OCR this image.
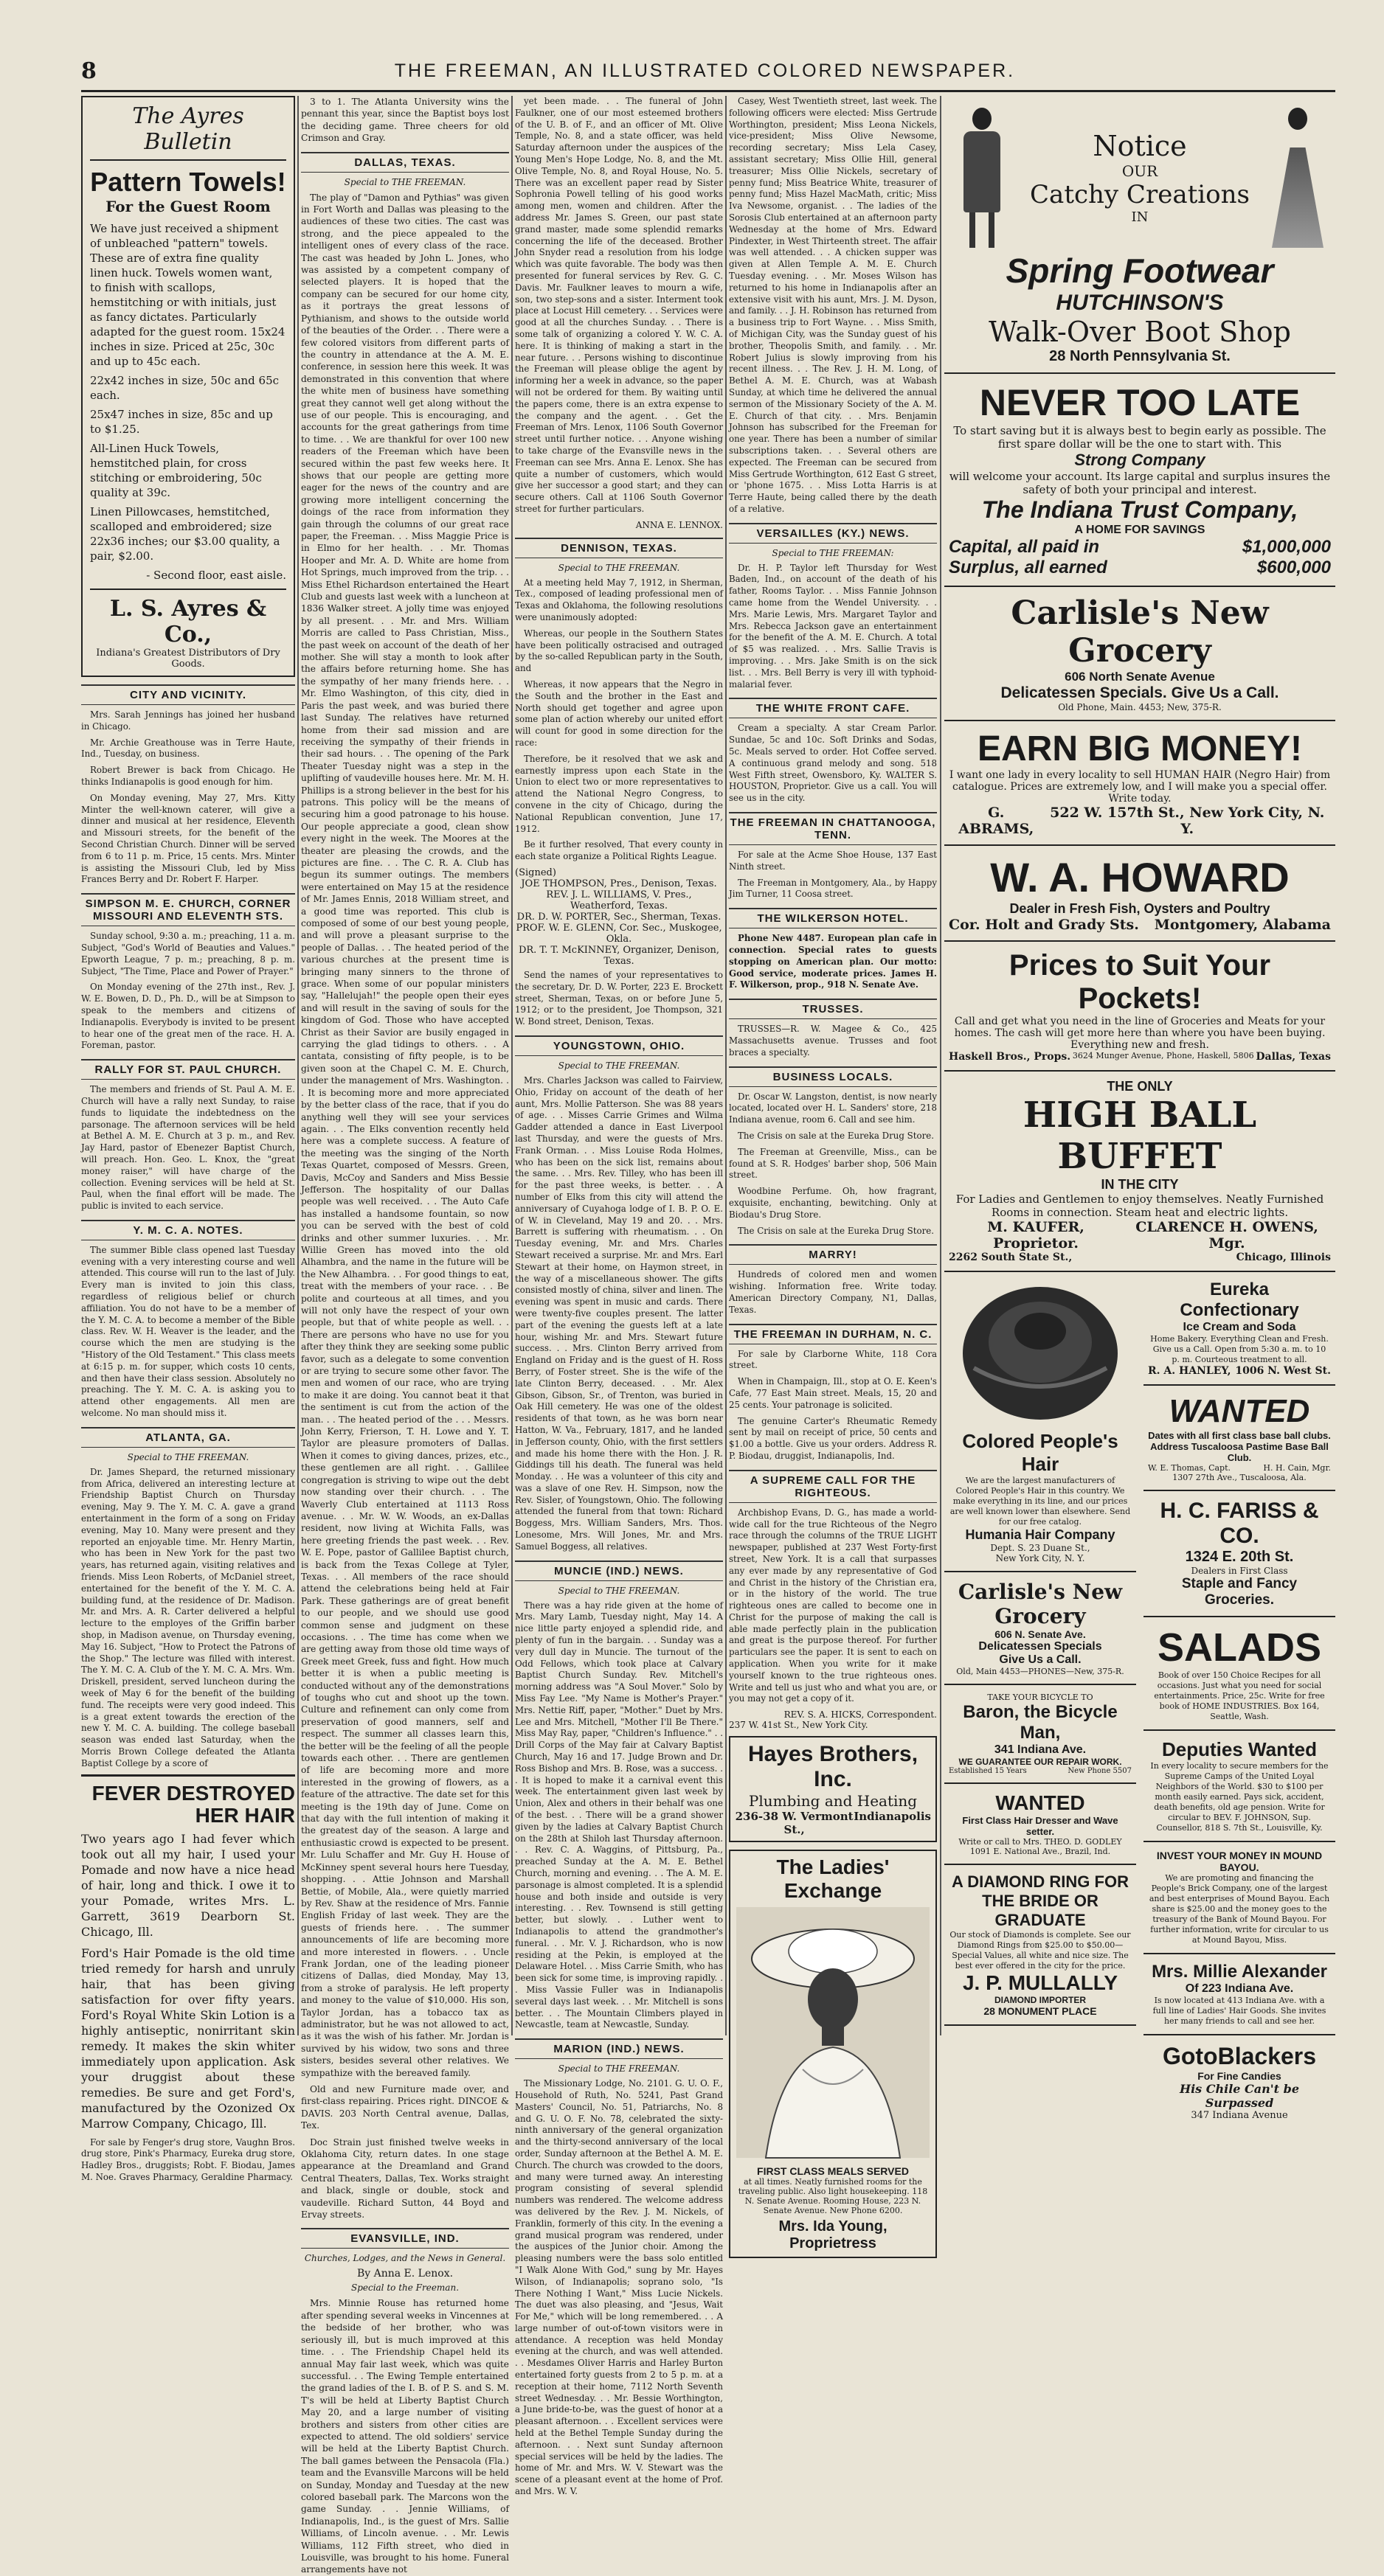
8	THE FREEMAN, AN ILLUSTRATED COLORED NEWSPAPER.
The Ayres Bulletin
Pattern Towels!
For the Guest Room

We have just received a shipment of unbleached "pattern" towels. These are of extra fine quality linen huck. Towels women want, to finish with scallops, hemstitching or with initials, just as fancy dictates. Particularly adapted for the guest room. 15x24 inches in size. Priced at 25c, 30c and up to 45c each.

22x42 inches in size, 50c and 65c each.

25x47 inches in size, 85c and up to $1.25.

All-Linen Huck Towels, hemstitched plain, for cross stitching or embroidering, 50c quality at 39c.

Linen Pillowcases, hemstitched, scalloped and embroidered; size 22x36 inches; our $3.00 quality, a pair, $2.00.

- Second floor, east aisle.

L. S. Ayres & Co.,
Indiana's Greatest Distributors of Dry Goods.
CITY AND VICINITY.

Mrs. Sarah Jennings has joined her husband in Chicago.

Mr. Archie Greathouse was in Terre Haute, Ind., Tuesday, on business.

Robert Brewer is back from Chicago. He thinks Indianapolis is good enough for him.

On Monday evening, May 27, Mrs. Kitty Minter the well-known caterer, will give a dinner and musical at her residence, Eleventh and Missouri streets, for the benefit of the Second Christian Church. Dinner will be served from 6 to 11 p. m. Price, 15 cents. Mrs. Minter is assisting the Missouri Club, led by Miss Frances Berry and Dr. Robert F. Harper.

SIMPSON M. E. CHURCH, CORNER MISSOURI AND ELEVENTH STS.

Sunday school, 9:30 a. m.; preaching, 11 a. m. Subject, "God's World of Beauties and Values." Epworth League, 7 p. m.; preaching, 8 p. m. Subject, "The Time, Place and Power of Prayer."

On Monday evening of the 27th inst., Rev. J. W. E. Bowen, D. D., Ph. D., will be at Simpson to speak to the members and citizens of Indianapolis. Everybody is invited to be present to hear one of the great men of the race. H. A. Foreman, pastor.

RALLY FOR ST. PAUL CHURCH.

The members and friends of St. Paul A. M. E. Church will have a rally next Sunday, to raise funds to liquidate the indebtedness on the parsonage. The afternoon services will be held at Bethel A. M. E. Church at 3 p. m., and Rev. Jay Hard, pastor of Ebenezer Baptist Church, will preach. Hon. Geo. L. Knox, the "great money raiser," will have charge of the collection. Evening services will be held at St. Paul, when the final effort will be made. The public is invited to each service.

Y. M. C. A. NOTES.

The summer Bible class opened last Tuesday evening with a very interesting course and well attended. This course will run to the last of July. Every man is invited to join this class, regardless of religious belief or church affiliation. You do not have to be a member of the Y. M. C. A. to become a member of the Bible class. Rev. W. H. Weaver is the leader, and the course which the men are studying is the "History of the Old Testament." This class meets at 6:15 p. m. for supper, which costs 10 cents, and then have their class session. Absolutely no preaching. The Y. M. C. A. is asking you to attend other engagements. All men are welcome. No man should miss it.

ATLANTA, GA.
Special to THE FREEMAN.

Dr. James Shepard, the returned missionary from Africa, delivered an interesting lecture at Friendship Baptist Church on Thursday evening, May 9. The Y. M. C. A. gave a grand entertainment in the form of a song on Friday evening, May 10. Many were present and they reported an enjoyable time. Mr. Henry Martin, who has been in New York for the past two years, has returned again, visiting relatives and friends. Miss Leon Roberts, of McDaniel street, entertained for the benefit of the Y. M. C. A. building fund, at the residence of Dr. Madison. Mr. and Mrs. A. R. Carter delivered a helpful lecture to the employes of the Griffin barber shop, in Madison avenue, on Thursday evening, May 16. Subject, "How to Protect the Patrons of the Shop." The lecture was filled with interest. The Y. M. C. A. Club of the Y. M. C. A. Mrs. Wm. Driskell, president, served luncheon during the week of May 6 for the benefit of the building fund. The receipts were very good indeed. This is a great extent towards the erection of the new Y. M. C. A. building. The college baseball season was ended last Saturday, when the Morris Brown College defeated the Atlanta Baptist College by a score of

FEVER DESTROYED HER HAIR

Two years ago I had fever which took out all my hair, I used your Pomade and now have a nice head of hair, long and thick. I owe it to your Pomade, writes Mrs. L. Garrett, 3619 Dearborn St. Chicago, Ill.

Ford's Hair Pomade is the old time tried remedy for harsh and unruly hair, that has been giving satisfaction for over fifty years. Ford's Royal White Skin Lotion is a highly antiseptic, nonirritant skin remedy. It makes the skin whiter immediately upon application. Ask your druggist about these remedies. Be sure and get Ford's, manufactured by the Ozonized Ox Marrow Company, Chicago, Ill.

For sale by Fenger's drug store, Vaughn Bros. drug store, Pink's Pharmacy, Eureka drug store, Hadley Bros., druggists; Robt. F. Biodau, James M. Noe. Graves Pharmacy, Geraldine Pharmacy.

3 to 1. The Atlanta University wins the pennant this year, since the Baptist boys lost the deciding game. Three cheers for old Crimson and Gray.

DALLAS, TEXAS.
Special to THE FREEMAN.

The play of "Damon and Pythias" was given in Fort Worth and Dallas was pleasing to the audiences of these two cities. The cast was strong, and the piece appealed to the intelligent ones of every class of the race. The cast was headed by John L. Jones, who was assisted by a competent company of selected players. It is hoped that the company can be secured for our home city, as it portrays the great lessons of Pythianism, and shows to the outside world of the beauties of the Order. . . There were a few colored visitors from different parts of the country in attendance at the A. M. E. conference, in session here this week. It was demonstrated in this convention that where the white men of business have something great they cannot well get along without the use of our people. This is encouraging, and accounts for the great gatherings from time to time. . . We are thankful for over 100 new readers of the Freeman which have been secured within the past few weeks here. It shows that our people are getting more eager for the news of the country and are growing more intelligent concerning the doings of the race from information they gain through the columns of our great race paper, the Freeman. . . Miss Maggie Price is in Elmo for her health. . . Mr. Thomas Hooper and Mr. A. D. White are home from Hot Springs, much improved from the trip. . . Miss Ethel Richardson entertained the Heart Club and guests last week with a luncheon at 1836 Walker street. A jolly time was enjoyed by all present. . . Mr. and Mrs. William Morris are called to Pass Christian, Miss., the past week on account of the death of her mother. She will stay a month to look after the affairs before returning home. She has the sympathy of her many friends here. . . Mr. Elmo Washington, of this city, died in Paris the past week, and was buried there last Sunday. The relatives have returned home from their sad mission and are receiving the sympathy of their friends in their sad hours. . . The opening of the Park Theater Tuesday night was a step in the uplifting of vaudeville houses here. Mr. M. H. Phillips is a strong believer in the best for his patrons. This policy will be the means of securing him a good patronage to his house. Our people appreciate a good, clean show every night in the week. The Moores at the theater are pleasing the crowds, and the pictures are fine. . . The C. R. A. Club has begun its summer outings. The members were entertained on May 15 at the residence of Mr. James Ennis, 2018 William street, and a good time was reported. This club is composed of some of our best young people, and will prove a pleasant surprise to the people of Dallas. . . The heated period of the various churches at the present time is bringing many sinners to the throne of grace. When some of our popular ministers say, "Hallelujah!" the people open their eyes and will result in the saving of souls for the kingdom of God. Those who have accepted Christ as their Savior are busily engaged in carrying the glad tidings to others. . . A cantata, consisting of fifty people, is to be given soon at the Chapel C. M. E. Church, under the management of Mrs. Washington. . . It is becoming more and more appreciated by the better class of the race, that if you do anything well they will see your services again. . . The Elks convention recently held here was a complete success. A feature of the meeting was the singing of the North Texas Quartet, composed of Messrs. Green, Davis, McCoy and Sanders and Miss Bessie Jefferson. The hospitality of our Dallas people was well received. . . The Auto Cafe has installed a handsome fountain, so now you can be served with the best of cold drinks and other summer luxuries. . . Mr. Willie Green has moved into the old Alhambra, and the name in the future will be the New Alhambra. . . For good things to eat, treat with the members of your race. . . Be polite and courteous at all times, and you will not only have the respect of your own people, but that of white people as well. . . There are persons who have no use for you after they think they are seeking some public favor, such as a delegate to some convention or are trying to secure some other favor. The men and women of our race, who are trying to make it are doing. You cannot beat it that the sentiment is cut from the action of the man. . . The heated period of the . . . Messrs. John Kerry, Frierson, T. H. Lowe and Y. T. Taylor are pleasure promoters of Dallas. When it comes to giving dances, prizes, etc., these gentlemen are all right. . . Gallilee congregation is striving to wipe out the debt now standing over their church. . . The Waverly Club entertained at 1113 Ross avenue. . . Mr. W. W. Woods, an ex-Dallas resident, now living at Wichita Falls, was here greeting friends the past week. . . Rev. W. E. Pope, pastor of Gallilee Baptist church, is back from the Texas College at Tyler, Texas. . . All members of the race should attend the celebrations being held at Fair Park. These gatherings are of great benefit to our people, and we should use good common sense and judgment on these occasions. . . The time has come when we are getting away from those old time ways of Greek meet Greek, fuss and fight. How much better it is when a public meeting is conducted without any of the demonstrations of toughs who cut and shoot up the town. Culture and refinement can only come from preservation of good manners, self and respect. The summer all classes learn this, the better will be the feeling of all the people towards each other. . . There are gentlemen of life are becoming more and more interested in the growing of flowers, as a feature of the attractive. The date set for this meeting is the 19th day of June. Come on that day with the full intention of making it the greatest day of the season. A large and enthusiastic crowd is expected to be present. Mr. Lulu Schaffer and Mr. Guy H. House of McKinney spent several hours here Tuesday, shopping. . . Attie Johnson and Marshall Bettie, of Mobile, Ala., were quietly married by Rev. Shaw at the residence of Mrs. Fannie English Friday of last week. They are the guests of friends here. . . The summer announcements of life are becoming more and more interested in flowers. . . Uncle Frank Jordan, one of the leading pioneer citizens of Dallas, died Monday, May 13, from a stroke of paralysis. He left property and money to the value of $10,000. His son, Taylor Jordan, has a tobacco tax as administrator, but he was not allowed to act, as it was the wish of his father. Mr. Jordan is survived by his widow, two sons and three sisters, besides several other relatives. We sympathize with the bereaved family.

Old and new Furniture made over, and first-class repairing. Prices right. DINCOE & DAVIS. 203 North Central avenue, Dallas, Tex.

Doc Strain just finished twelve weeks in Oklahoma City, return dates. In one stage appearance at the Dreamland and Grand Central Theaters, Dallas, Tex. Works straight and black, single or double, stock and vaudeville. Richard Sutton, 44 Boyd and Ervay streets.

EVANSVILLE, IND.
Churches, Lodges, and the News in General.
By Anna E. Lenox.
Special to the Freeman.

Mrs. Minnie Rouse has returned home after spending several weeks in Vincennes at the bedside of her brother, who was seriously ill, but is much improved at this time. . . The Friendship Chapel held its annual May fair last week, which was quite successful. . . The Ewing Temple entertained the grand ladies of the I. B. of P. S. and S. M. T's will be held at Liberty Baptist Church May 20, and a large number of visiting brothers and sisters from other cities are expected to attend. The old soldiers' service will be held at the Liberty Baptist Church. The ball games between the Pensacola (Fla.) team and the Evansville Marcons will be held on Sunday, Monday and Tuesday at the new colored baseball park. The Marcons won the game Sunday. . . Jennie Williams, of Indianapolis, Ind., is the guest of Mrs. Sallie Williams, of Lincoln avenue. . . Mr. Lewis Williams, 112 Fifth street, who died in Louisville, was brought to his home. Funeral arrangements have not

yet been made. . . The funeral of John Faulkner, one of our most esteemed brothers of the U. B. of F., and an officer of Mt. Olive Temple, No. 8, and a state officer, was held Saturday afternoon under the auspices of the Young Men's Hope Lodge, No. 8, and the Mt. Olive Temple, No. 8, and Royal House, No. 5. There was an excellent paper read by Sister Sophronia Powell telling of his good works among men, women and children. After the address Mr. James S. Green, our past state grand master, made some splendid remarks concerning the life of the deceased. Brother John Snyder read a resolution from his lodge which was quite favorable. The body was then presented for funeral services by Rev. G. C. Davis. Mr. Faulkner leaves to mourn a wife, son, two step-sons and a sister. Interment took place at Locust Hill cemetery. . . Services were good at all the churches Sunday. . . There is some talk of organizing a colored Y. W. C. A. here. It is thinking of making a start in the near future. . . Persons wishing to discontinue the Freeman will please oblige the agent by informing her a week in advance, so the paper will not be ordered for them. By waiting until the papers come, there is an extra expense to the company and the agent. . . Get the Freeman of Mrs. Lenox, 1106 South Governor street until further notice. . . Anyone wishing to take charge of the Evansville news in the Freeman can see Mrs. Anna E. Lenox. She has quite a number of customers, which would give her successor a good start; and they can secure others. Call at 1106 South Governor street for further particulars.

ANNA E. LENNOX.
DENNISON, TEXAS.
Special to THE FREEMAN.

At a meeting held May 7, 1912, in Sherman, Tex., composed of leading professional men of Texas and Oklahoma, the following resolutions were unanimously adopted:

Whereas, our people in the Southern States have been politically ostracised and outraged by the so-called Republican party in the South, and

Whereas, it now appears that the Negro in the South and the brother in the East and North should get together and agree upon some plan of action whereby our united effort will count for good in some direction for the race:

Therefore, be it resolved that we ask and earnestly impress upon each State in the Union to elect two or more representatives to attend the National Negro Congress, to convene in the city of Chicago, during the National Republican convention, June 17, 1912.

Be it further resolved, That every county in each state organize a Political Rights League.

(Signed)
JOE THOMPSON, Pres., Denison, Texas.
REV. J. L. WILLIAMS, V. Pres., Weatherford, Texas.
DR. D. W. PORTER, Sec., Sherman, Texas.
PROF. W. E. GLENN, Cor. Sec., Muskogee, Okla.
DR. T. T. McKINNEY, Organizer, Denison, Texas.

Send the names of your representatives to the secretary, Dr. D. W. Porter, 223 E. Brockett street, Sherman, Texas, on or before June 5, 1912; or to the president, Joe Thompson, 321 W. Bond street, Denison, Texas.

YOUNGSTOWN, OHIO.
Special to THE FREEMAN.

Mrs. Charles Jackson was called to Fairview, Ohio, Friday on account of the death of her aunt, Mrs. Mollie Patterson. She was 88 years of age. . . Misses Carrie Grimes and Wilma Gadder attended a dance in East Liverpool last Thursday, and were the guests of Mrs. Frank Orman. . . Miss Louise Roda Holmes, who has been on the sick list, remains about the same. . . Mrs. Rev. Tilley, who has been ill for the past three weeks, is better. . . A number of Elks from this city will attend the anniversary of Cuyahoga lodge of I. B. P. O. E. of W. in Cleveland, May 19 and 20. . . Mrs. Barrett is suffering with rheumatism. . . On Tuesday evening, Mr. and Mrs. Charles Stewart received a surprise. Mr. and Mrs. Earl Stewart at their home, on Haymon street, in the way of a miscellaneous shower. The gifts consisted mostly of china, silver and linen. The evening was spent in music and cards. There were twenty-five couples present. The latter part of the evening the guests left at a late hour, wishing Mr. and Mrs. Stewart future success. . . Mrs. Clinton Berry arrived from England on Friday and is the guest of H. Ross Berry, of Foster street. She is the wife of the late Clinton Berry, deceased. . . Mr. Alex Gibson, Gibson, Sr., of Trenton, was buried in Oak Hill cemetery. He was one of the oldest residents of that town, as he was born near Hatton, W. Va., February, 1817, and he landed in Jefferson county, Ohio, with the first settlers and made his home there with the Hon. J. R. Giddings till his death. The funeral was held Monday. . . He was a volunteer of this city and was a slave of one Rev. H. Simpson, now the Rev. Sisler, of Youngstown, Ohio. The following attended the funeral from that town: Richard Boggess, Mrs. William Sanders, Mrs. Thos. Lonesome, Mrs. Will Jones, Mr. and Mrs. Samuel Boggess, all relatives.

MUNCIE (IND.) NEWS.
Special to THE FREEMAN.

There was a hay ride given at the home of Mrs. Mary Lamb, Tuesday night, May 14. A nice little party enjoyed a splendid ride, and plenty of fun in the bargain. . . Sunday was a very dull day in Muncie. The turnout of the Odd Fellows, which took place at Calvary Baptist Church Sunday. Rev. Mitchell's morning address was "A Soul Mover." Solo by Miss Fay Lee. "My Name is Mother's Prayer." Mrs. Nettie Riff, paper, "Mother." Duet by Mrs. Lee and Mrs. Mitchell, "Mother I'll Be There." Miss May Ray, paper, "Children's Influence." . . Drill Corps of the May fair at Calvary Baptist Church, May 16 and 17. Judge Brown and Dr. Ross Bishop and Mrs. B. Rose, was a success. . . It is hoped to make it a carnival event this week. The entertainment given last week by Union, Alex and others in their behalf was one of the best. . . There will be a grand shower given by the ladies at Calvary Baptist Church on the 28th at Shiloh last Thursday afternoon. . . Rev. C. A. Waggins, of Pittsburg, Pa., preached Sunday at the A. M. E. Bethel Church, morning and evening. . . The A. M. E. parsonage is almost completed. It is a splendid house and both inside and outside is very interesting. . . Rev. Townsend is still getting better, but slowly. . . Luther went to Indianapolis to attend the grandmother's funeral. . . Mr. V. J. Richardson, who is now residing at the Pekin, is employed at the Delaware Hotel. . . Miss Carrie Smith, who has been sick for some time, is improving rapidly. . . Miss Vassie Fuller was in Indianapolis several days last week. . . Mr. Mitchell is sons better. . . The Mountain Climbers played in Newcastle, team at Newcastle, Sunday.

MARION (IND.) NEWS.
Special to THE FREEMAN.

The Missionary Lodge, No. 2101. G. U. O. F., Household of Ruth, No. 5241, Past Grand Masters' Council, No. 51, Patriarchs, No. 8 and G. U. O. F. No. 78, celebrated the sixty-ninth anniversary of the general organization and the thirty-second anniversary of the local order, Sunday afternoon at the Bethel A. M. E. Church. The church was crowded to the doors, and many were turned away. An interesting program consisting of several splendid numbers was rendered. The welcome address was delivered by the Rev. J. M. Nickels, of Franklin, formerly of this city. In the evening a grand musical program was rendered, under the auspices of the Junior choir. Among the pleasing numbers were the bass solo entitled "I Walk Alone With God," sung by Mr. Hayes Wilson, of Indianapolis; soprano solo, "Is There Nothing I Want," Miss Lucie Nickels. The duet was also pleasing, and "Jesus, Wait For Me," which will be long remembered. . . A large number of out-of-town visitors were in attendance. A reception was held Monday evening at the church, and was well attended. . . Mesdames Oliver Harris and Harley Burton entertained forty guests from 2 to 5 p. m. at a reception at their home, 7112 North Seventh street Wednesday. . . Mr. Bessie Worthington, a June bride-to-be, was the guest of honor at a pleasant afternoon. . . Excellent services were held at the Bethel Temple Sunday during the afternoon. . . Next sunt Sunday afternoon special services will be held by the ladies. The home of Mr. and Mrs. W. V. Stewart was the scene of a pleasant event at the home of Prof. and Mrs. W. V.

Casey, West Twentieth street, last week. The following officers were elected: Miss Gertrude Worthington, president; Miss Leona Nickels, vice-president; Miss Olive Newsome, recording secretary; Miss Lela Casey, assistant secretary; Miss Ollie Hill, general treasurer; Miss Ollie Nickels, secretary of penny fund; Miss Beatrice White, treasurer of penny fund; Miss Hazel MacMath, critic; Miss Iva Newsome, organist. . . The ladies of the Sorosis Club entertained at an afternoon party Wednesday at the home of Mrs. Edward Pindexter, in West Thirteenth street. The affair was well attended. . . A chicken supper was given at Allen Temple A. M. E. Church Tuesday evening. . . Mr. Moses Wilson has returned to his home in Indianapolis after an extensive visit with his aunt, Mrs. J. M. Dyson, and family. . . J. H. Robinson has returned from a business trip to Fort Wayne. . . Miss Smith, of Michigan City, was the Sunday guest of his brother, Theopolis Smith, and family. . . Mr. Robert Julius is slowly improving from his recent illness. . . The Rev. J. H. M. Long, of Bethel A. M. E. Church, was at Wabash Sunday, at which time he delivered the annual sermon of the Missionary Society of the A. M. E. Church of that city. . . Mrs. Benjamin Johnson has subscribed for the Freeman for one year. There has been a number of similar subscriptions taken. . . Several others are expected. The Freeman can be secured from Miss Gertrude Worthington, 612 East G street, or 'phone 1675. . . Miss Lotta Harris is at Terre Haute, being called there by the death of a relative.

VERSAILLES (KY.) NEWS.
Special to THE FREEMAN:

Dr. H. P. Taylor left Thursday for West Baden, Ind., on account of the death of his father, Rooms Taylor. . . Miss Fannie Johnson came home from the Wendel University. . . Mrs. Marie Lewis, Mrs. Margaret Taylor and Mrs. Rebecca Jackson gave an entertainment for the benefit of the A. M. E. Church. A total of $5 was realized. . . Mrs. Sallie Travis is improving. . . Mrs. Jake Smith is on the sick list. . . Mrs. Bell Berry is very ill with typhoid-malarial fever.

THE WHITE FRONT CAFE.

Cream a specialty. A star Cream Parlor. Sundae, 5c and 10c. Soft Drinks and Sodas, 5c. Meals served to order. Hot Coffee served. A continuous grand melody and song. 518 West Fifth street, Owensboro, Ky. WALTER S. HOUSTON, Proprietor. Give us a call. You will see us in the city.

THE FREEMAN IN CHATTANOOGA, TENN.

For sale at the Acme Shoe House, 137 East Ninth street.

The Freeman in Montgomery, Ala., by Happy Jim Turner, 11 Coosa street.

THE WILKERSON HOTEL.

Phone New 4487. European plan cafe in connection. Special rates to guests stopping on American plan. Our motto: Good service, moderate prices. James H. F. Wilkerson, prop., 918 N. Senate Ave.

TRUSSES.

TRUSSES—R. W. Magee & Co., 425 Massachusetts avenue. Trusses and foot braces a specialty.

BUSINESS LOCALS.

Dr. Oscar W. Langston, dentist, is now nearly located, located over H. L. Sanders' store, 218 Indiana avenue, room 6. Call and see him.

The Crisis on sale at the Eureka Drug Store.

The Freeman at Greenville, Miss., can be found at S. R. Hodges' barber shop, 506 Main street.

Woodbine Perfume. Oh, how fragrant, exquisite, enchanting, bewitching. Only at Biodau's Drug Store.

The Crisis on sale at the Eureka Drug Store.

MARRY!

Hundreds of colored men and women wishing. Information free. Write today. American Directory Company, N1, Dallas, Texas.

THE FREEMAN IN DURHAM, N. C.

For sale by Clarborne White, 118 Cora street.

When in Champaign, Ill., stop at O. E. Keen's Cafe, 77 East Main street. Meals, 15, 20 and 25 cents. Your patronage is solicited.

The genuine Carter's Rheumatic Remedy sent by mail on receipt of price, 50 cents and $1.00 a bottle. Give us your orders. Address R. P. Biodau, druggist, Indianapolis, Ind.

A SUPREME CALL FOR THE RIGHTEOUS.

Archbishop Evans, D. G., has made a world-wide call for the true Richteous of the Negro race through the columns of the TRUE LIGHT newspaper, published at 237 West Forty-first street, New York. It is a call that surpasses any ever made by any representative of God and Christ in the history of the Christian era, or in the history of the world. The true righteous ones are called to become one in Christ for the purpose of making the call is able made perfectly plain in the publication and great is the purpose thereof. For further particulars see the paper. It is sent to each on application. When you write for it make yourself known to the true righteous ones. Write and tell us just who and what you are, or you may not get a copy of it.

REV. S. A. HICKS, Correspondent.
237 W. 41st St., New York City.
Hayes Brothers, Inc.
Plumbing and Heating
236-38 W. Vermont St.,
Indianapolis
The Ladies' Exchange
FIRST CLASS MEALS SERVED
at all times. Neatly furnished rooms for the traveling public. Also light housekeeping. 118 N. Senate Avenue. Rooming House, 223 N. Senate Avenue. New Phone 6200.
Mrs. Ida Young, Proprietress
Notice
OUR
Catchy Creations
IN
Spring Footwear
HUTCHINSON'S
Walk-Over Boot Shop
28 North Pennsylvania St.
NEVER TOO LATE
To start saving but it is always best to begin early as possible. The first spare dollar will be the one to start with. This
Strong Company
will welcome your account. Its large capital and surplus insures the safety of both your principal and interest.
The Indiana Trust Company,
A HOME FOR SAVINGS
Capital, all paid in	$1,000,000
Surplus, all earned	$600,000
Carlisle's New Grocery
606 North Senate Avenue
Delicatessen Specials. Give Us a Call.
Old Phone, Main. 4453; New, 375-R.
EARN BIG MONEY!
I want one lady in every locality to sell HUMAN HAIR (Negro Hair) from catalogue. Prices are extremely low, and I will make you a special offer. Write today.
G. ABRAMS,
522 W. 157th St., New York City, N. Y.
W. A. HOWARD
Dealer in Fresh Fish, Oysters and Poultry
Cor. Holt and Grady Sts. Montgomery, Alabama
Prices to Suit Your Pockets!
Call and get what you need in the line of Groceries and Meats for your homes. The cash will get more here than where you have been buying. Everything new and fresh.
Haskell Bros., Props. 3624 Munger Avenue, Phone, Haskell, 5806 Dallas, Texas
THE ONLY
HIGH BALL BUFFET
IN THE CITY
For Ladies and Gentlemen to enjoy themselves. Neatly Furnished Rooms in connection. Steam heat and electric lights.
M. KAUFER, Proprietor.
CLARENCE H. OWENS, Mgr.
2262 South State St.,	Chicago, Illinois
Colored People's Hair
We are the largest manufacturers of Colored People's Hair in this country. We make everything in its line, and our prices are well known lower than elsewhere. Send for our free catalog.
Humania Hair Company
Dept. S. 23 Duane St.,
New York City, N. Y.
Carlisle's New Grocery
606 N. Senate Ave.
Delicatessen Specials
Give Us a Call.
Old, Main 4453—PHONES—New, 375-R.
TAKE YOUR BICYCLE TO
Baron, the Bicycle Man,
341 Indiana Ave.
WE GUARANTEE OUR REPAIR WORK.
Established 15 Years	New Phone 5507
WANTED
First Class Hair Dresser and Wave setter.
Write or call to Mrs. THEO. D. GODLEY
1091 E. National Ave., Brazil, Ind.
A DIAMOND RING FOR THE BRIDE OR GRADUATE
Our stock of Diamonds is complete. See our Diamond Rings from $25.00 to $50.00—Special Values, all white and nice size. The best ever offered in the city for the price.
J. P. MULLALLY
DIAMOND IMPORTER
28 MONUMENT PLACE
Eureka Confectionary
Ice Cream and Soda
Home Bakery. Everything Clean and Fresh. Give us a Call. Open from 5:30 a. m. to 10 p. m. Courteous treatment to all.
R. A. HANLEY, 1006 N. West St.
WANTED
Dates with all first class base ball clubs. Address Tuscaloosa Pastime Base Ball Club.
W. E. Thomas, Capt.	H. H. Cain, Mgr.
1307 27th Ave., Tuscaloosa, Ala.
H. C. FARISS & CO.
1324 E. 20th St.
Dealers in First Class
Staple and Fancy Groceries.
SALADS
Book of over 150 Choice Recipes for all occasions. Just what you need for social entertainments. Price, 25c. Write for free book of HOME INDUSTRIES. Box 164, Seattle, Wash.
Deputies Wanted
In every locality to secure members for the Supreme Camps of the United Loyal Neighbors of the World. $30 to $100 per month easily earned. Pays sick, accident, death benefits, old age pension. Write for circular to BEV. F. JOHNSON, Sup. Counsellor, 818 S. 7th St., Louisville, Ky.
INVEST YOUR MONEY IN MOUND BAYOU.
We are promoting and financing the People's Brick Company, one of the largest and best enterprises of Mound Bayou. Each share is $25.00 and the money goes to the treasury of the Bank of Mound Bayou. For further information, write for circular to us at Mound Bayou, Miss.
Mrs. Millie Alexander
Of 223 Indiana Ave.
Is now located at 413 Indiana Ave. with a full line of Ladies' Hair Goods. She invites her many friends to call and see her.
GotoBlackers
For Fine Candies
His Chile Can't be Surpassed
347 Indiana Avenue
